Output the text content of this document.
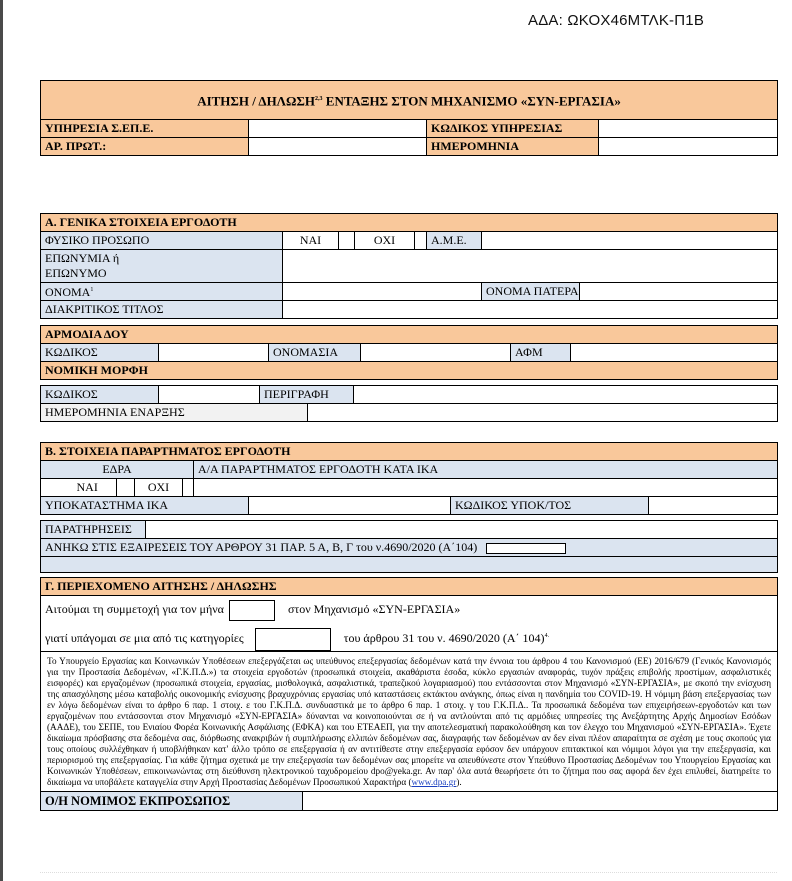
ΑΔΑ: ΩΚΟΧ46ΜΤΛΚ-Π1Β
ΑΙΤΗΣΗ / ΔΗΛΩΣΗ$^{2,3}$ ΕΝΤΑΞΗΣ ΣΤΟΝ ΜΗΧΑΝΙΣΜΟ «ΣΥΝ-ΕΡΓΑΣΙΑ»			
ΥΠΗΡΕΣΙΑ Σ.ΕΠ.Ε.		ΚΩΔΙΚΟΣ ΥΠΗΡΕΣΙΑΣ	
ΑΡ. ΠΡΩΤ.:		ΗΜΕΡΟΜΗΝΙΑ	
Α. ΓΕΝΙΚΑ ΣΤΟΙΧΕΙΑ ΕΡΓΟΔΟΤΗ							
ΦΥΣΙΚΟ ΠΡΟΣΩΠΟ	ΝΑΙ		ΟΧΙ		Α.Μ.Ε.		

ΕΠΩΝΥΜΙΑ ή
ΕΠΩΝΥΜΟ							

ΟΝΟΜΑ$^1$						ΟΝΟΜΑ ΠΑΤΕΡΑ	
ΔΙΑΚΡΙΤΙΚΟΣ ΤΙΤΛΟΣ							
ΑΡΜΟΔΙΑ ΔΟΥ
ΚΩΔΙΚΟΣ		ΟΝΟΜΑΣΙΑ		ΑΦΜ	
ΝΟΜΙΚΗ ΜΟΡΦΗ
ΚΩΔΙΚΟΣ		ΠΕΡΙΓΡΑΦΗ		
ΗΜΕΡΟΜΗΝΙΑ ΕΝΑΡΞΗΣ				
Β. ΣΤΟΙΧΕΙΑ ΠΑΡΑΡΤΗΜΑΤΟΣ ΕΡΓΟΔΟΤΗ								
ΕΔΡΑ					Α/Α ΠΑΡΑΡΤΗΜΑΤΟΣ ΕΡΓΟΔΟΤΗ ΚΑΤΑ ΙΚΑ			
	ΝΑΙ		ΟΧΙ					
ΥΠΟΚΑΤΑΣΤΗΜΑ ΙΚΑ							ΚΩΔΙΚΟΣ ΥΠΟΚ/ΤΟΣ	
ΠΑΡΑΤΗΡΗΣΕΙΣ	
ΑΝΗΚΩ ΣΤΙΣ ΕΞΑΙΡΕΣΕΙΣ ΤΟΥ ΑΡΘΡΟΥ 31 ΠΑΡ. 5 Α, Β, Γ του ν.4690/2020 (Α΄104)

Γ. ΠΕΡΙΕΧΟΜΕΝΟ ΑΙΤΗΣΗΣ / ΔΗΛΩΣΗΣ

Αιτούμαι τη συμμετοχή για τον μήνα	στον Μηχανισμό «ΣΥΝ-ΕΡΓΑΣΙΑ»
γιατί υπάγομαι σε μια από τις κατηγορίες	του άρθρου 31 του ν. 4690/2020 (Α΄ 104)$^{4.}$

Το Υπουργείο Εργασίας και Κοινωνικών Υποθέσεων επεξεργάζεται ως υπεύθυνος επεξεργασίας δεδομένων κατά την έννοια του άρθρου 4 του Κανονισμού (ΕΕ) 2016/679 (Γενικός Κανονισμός για την Προστασία Δεδομένων, «Γ.Κ.Π.Δ.») τα στοιχεία εργοδοτών (προσωπικά στοιχεία, ακαθάριστα έσοδα, κύκλο εργασιών αναφοράς, τυχόν πράξεις επιβολής προστίμων, ασφαλιστικές εισφορές) και εργαζομένων (προσωπικά στοιχεία, εργασίας, μισθολογικά, ασφαλιστικά, τραπεζικού λογαριασμού) που εντάσσονται στον Μηχανισμό «ΣΥΝ-ΕΡΓΑΣΙΑ», με σκοπό την ενίσχυση της απασχόλησης μέσω καταβολής οικονομικής ενίσχυσης βραχυχρόνιας εργασίας υπό καταστάσεις εκτάκτου ανάγκης, όπως είναι η πανδημία του COVID-19. Η νόμιμη βάση επεξεργασίας των εν λόγω δεδομένων είναι το άρθρο 6 παρ. 1 στοιχ. ε του Γ.Κ.Π.Δ. συνδυαστικά με το άρθρο 6 παρ. 1 στοιχ. γ του Γ.Κ.Π.Δ.. Τα προσωπικά δεδομένα των επιχειρήσεων-εργοδοτών και των εργαζομένων που εντάσσονται στον Μηχανισμό «ΣΥΝ-ΕΡΓΑΣΙΑ» δύνανται να κοινοποιούνται σε ή να αντλούνται από τις αρμόδιες υπηρεσίες της Ανεξάρτητης Αρχής Δημοσίων Εσόδων (ΑΑΔΕ), του ΣΕΠΕ, του Ενιαίου Φορέα Κοινωνικής Ασφάλισης (ΕΦΚΑ) και του ΕΤΕΑΕΠ, για την αποτελεσματική παρακολούθηση και τον έλεγχο του Μηχανισμού «ΣΥΝ-ΕΡΓΑΣΙΑ». Έχετε δικαίωμα πρόσβασης στα δεδομένα σας, διόρθωσης ανακριβών ή συμπλήρωσης ελλιπών δεδομένων σας, διαγραφής των δεδομένων αν δεν είναι πλέον απαραίτητα σε σχέση με τους σκοπούς για τους οποίους συλλέχθηκαν ή υποβλήθηκαν κατ' άλλο τρόπο σε επεξεργασία ή αν αντιτίθεστε στην επεξεργασία εφόσον δεν υπάρχουν επιτακτικοί και νόμιμοι λόγοι για την επεξεργασία, και περιορισμού της επεξεργασίας. Για κάθε ζήτημα σχετικά με την επεξεργασία των δεδομένων σας μπορείτε να απευθύνεστε στον Υπεύθυνο Προστασίας Δεδομένων του Υπουργείου Εργασίας και Κοινωνικών Υποθέσεων, επικοινωνώντας στη διεύθυνση ηλεκτρονικού ταχυδρομείου dpo@yeka.gr. Αν παρ' όλα αυτά θεωρήσετε ότι το ζήτημα που σας αφορά δεν έχει επιλυθεί, διατηρείτε το δικαίωμα να υποβάλετε καταγγελία στην Αρχή Προστασίας Δεδομένων Προσωπικού Χαρακτήρα (www.dpa.gr).
Ο/Η ΝΟΜΙΜΟΣ ΕΚΠΡΟΣΩΠΟΣ	
